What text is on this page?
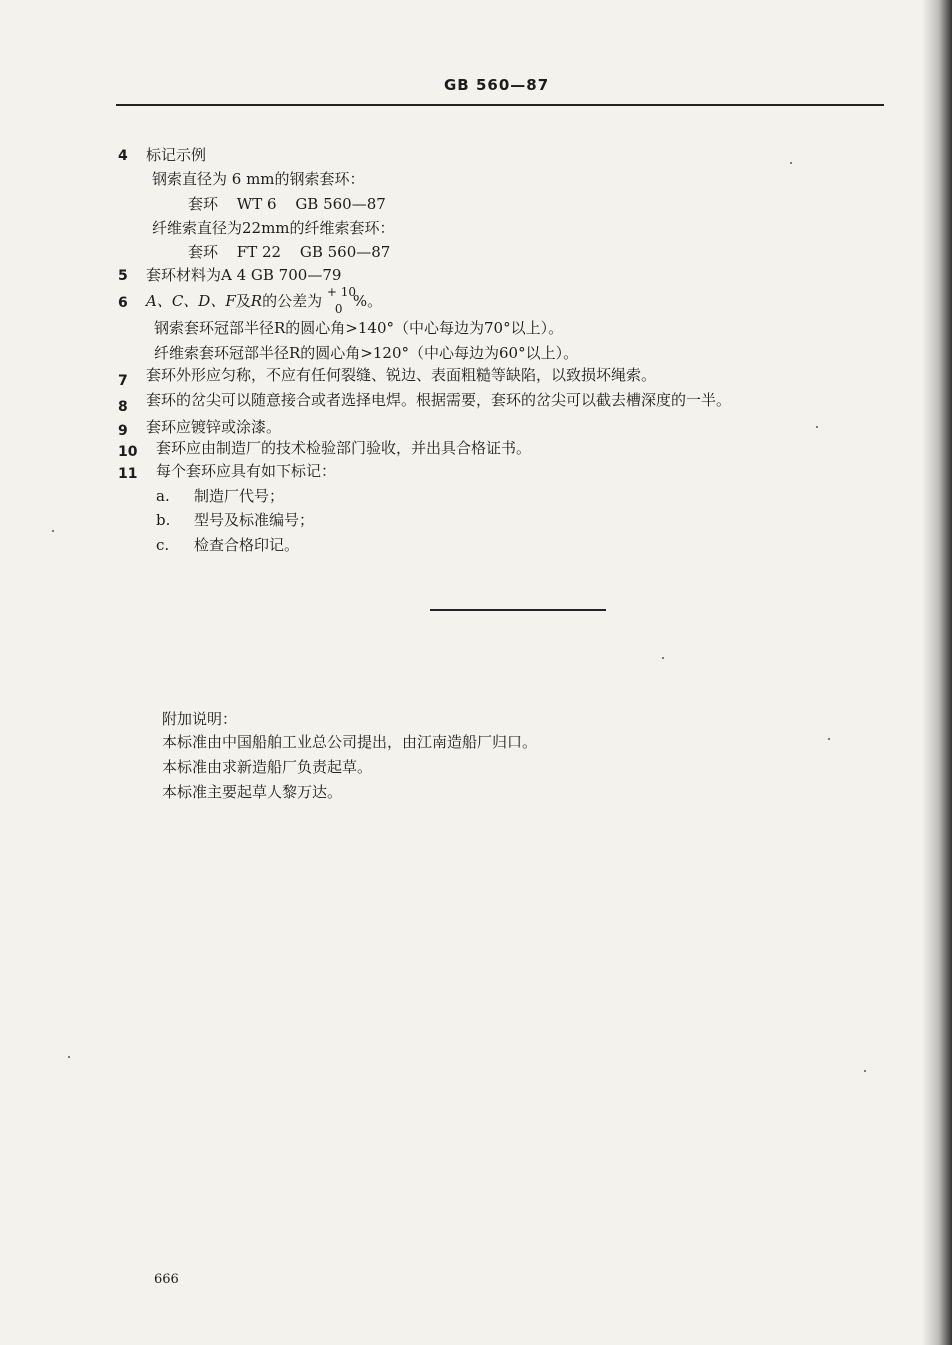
GB 560—87
4 标记示例
钢索直径为 6 mm的钢索套环：
套环 WT 6 GB 560—87
纤维索直径为22mm的纤维索套环：
套环 FT 22 GB 560—87
5 套环材料为A 4 GB 700—79
6 A、C、D、F及R的公差为 + 10
0 %。
钢索套环冠部半径R的圆心角>140°（中心每边为70°以上）。
纤维索套环冠部半径R的圆心角>120°（中心每边为60°以上）。
7 套环外形应匀称，不应有任何裂缝、锐边、表面粗糙等缺陷，以致损坏绳索。
8 套环的岔尖可以随意接合或者选择电焊。根据需要，套环的岔尖可以截去槽深度的一半。
9 套环应镀锌或涂漆。
10 套环应由制造厂的技术检验部门验收，并出具合格证书。
11 每个套环应具有如下标记：
a. 制造厂代号；
b. 型号及标准编号；
c. 检查合格印记。
附加说明：
本标准由中国船舶工业总公司提出，由江南造船厂归口。
本标准由求新造船厂负责起草。
本标准主要起草人黎万达。
666
